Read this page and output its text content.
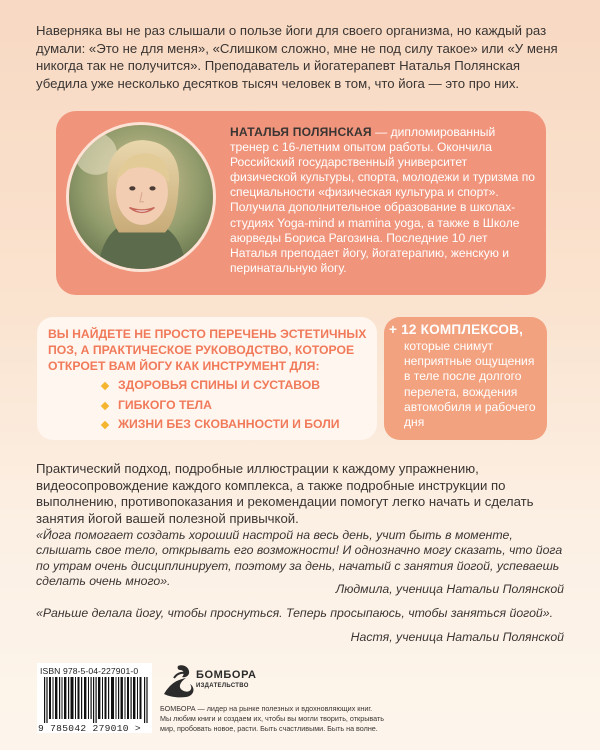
Наверняка вы не раз слышали о пользе йоги для своего организма, но каждый раз думали: «Это не для меня», «Слишком сложно, мне не под силу такое» или «У меня никогда так не получится». Преподаватель и йогатерапевт Наталья Полянская убедила уже несколько десятков тысяч человек в том, что йога — это про них.

НАТАЛЬЯ ПОЛЯНСКАЯ — дипломированный тренер с 16-летним опытом работы. Окончила Российский государственный университет физической культуры, спорта, молодежи и туризма по специальности «физическая культура и спорт». Получила дополнительное образование в школах-студиях Yoga-mind и mamina yoga, а также в Школе аюрведы Бориса Рагозина. Последние 10 лет Наталья преподает йогу, йогатерапию, женскую и перинатальную йогу.

ВЫ НАЙДЕТЕ НЕ ПРОСТО ПЕРЕЧЕНЬ ЭСТЕТИЧНЫХ ПОЗ, А ПРАКТИЧЕСКОЕ РУКОВОДСТВО, КОТОРОЕ ОТКРОЕТ ВАМ ЙОГУ КАК ИНСТРУМЕНТ ДЛЯ:

ЗДОРОВЬЯ СПИНЫ И СУСТАВОВ
ГИБКОГО ТЕЛА
ЖИЗНИ БЕЗ СКОВАННОСТИ И БОЛИ

+ 12 КОМПЛЕКСОВ,

которые снимут неприятные ощущения в теле после долгого перелета, вождения автомобиля и рабочего дня

Практический подход, подробные иллюстрации к каждому упражнению, видеосопровождение каждого комплекса, а также подробные инструкции по выполнению, противопоказания и рекомендации помогут легко начать и сделать занятия йогой вашей полезной привычкой.

«Йога помогает создать хороший настрой на весь день, учит быть в моменте, слышать свое тело, открывать его возможности! И однозначно могу сказать, что йога по утрам очень дисциплинирует, поэтому за день, начатый с занятия йогой, успеваешь сделать очень много».

Людмила, ученица Натальи Полянской

«Раньше делала йогу, чтобы проснуться. Теперь просыпаюсь, чтобы заняться йогой».

Настя, ученица Натальи Полянской

ISBN 978-5-04-227901-0
9 785042 279010 >
БОМБОРА
ИЗДАТЕЛЬСТВО

БОМБОРА — лидер на рынке полезных и вдохновляющих книг.
Мы любим книги и создаем их, чтобы вы могли творить, открывать
мир, пробовать новое, расти. Быть счастливыми. Быть на волне.
